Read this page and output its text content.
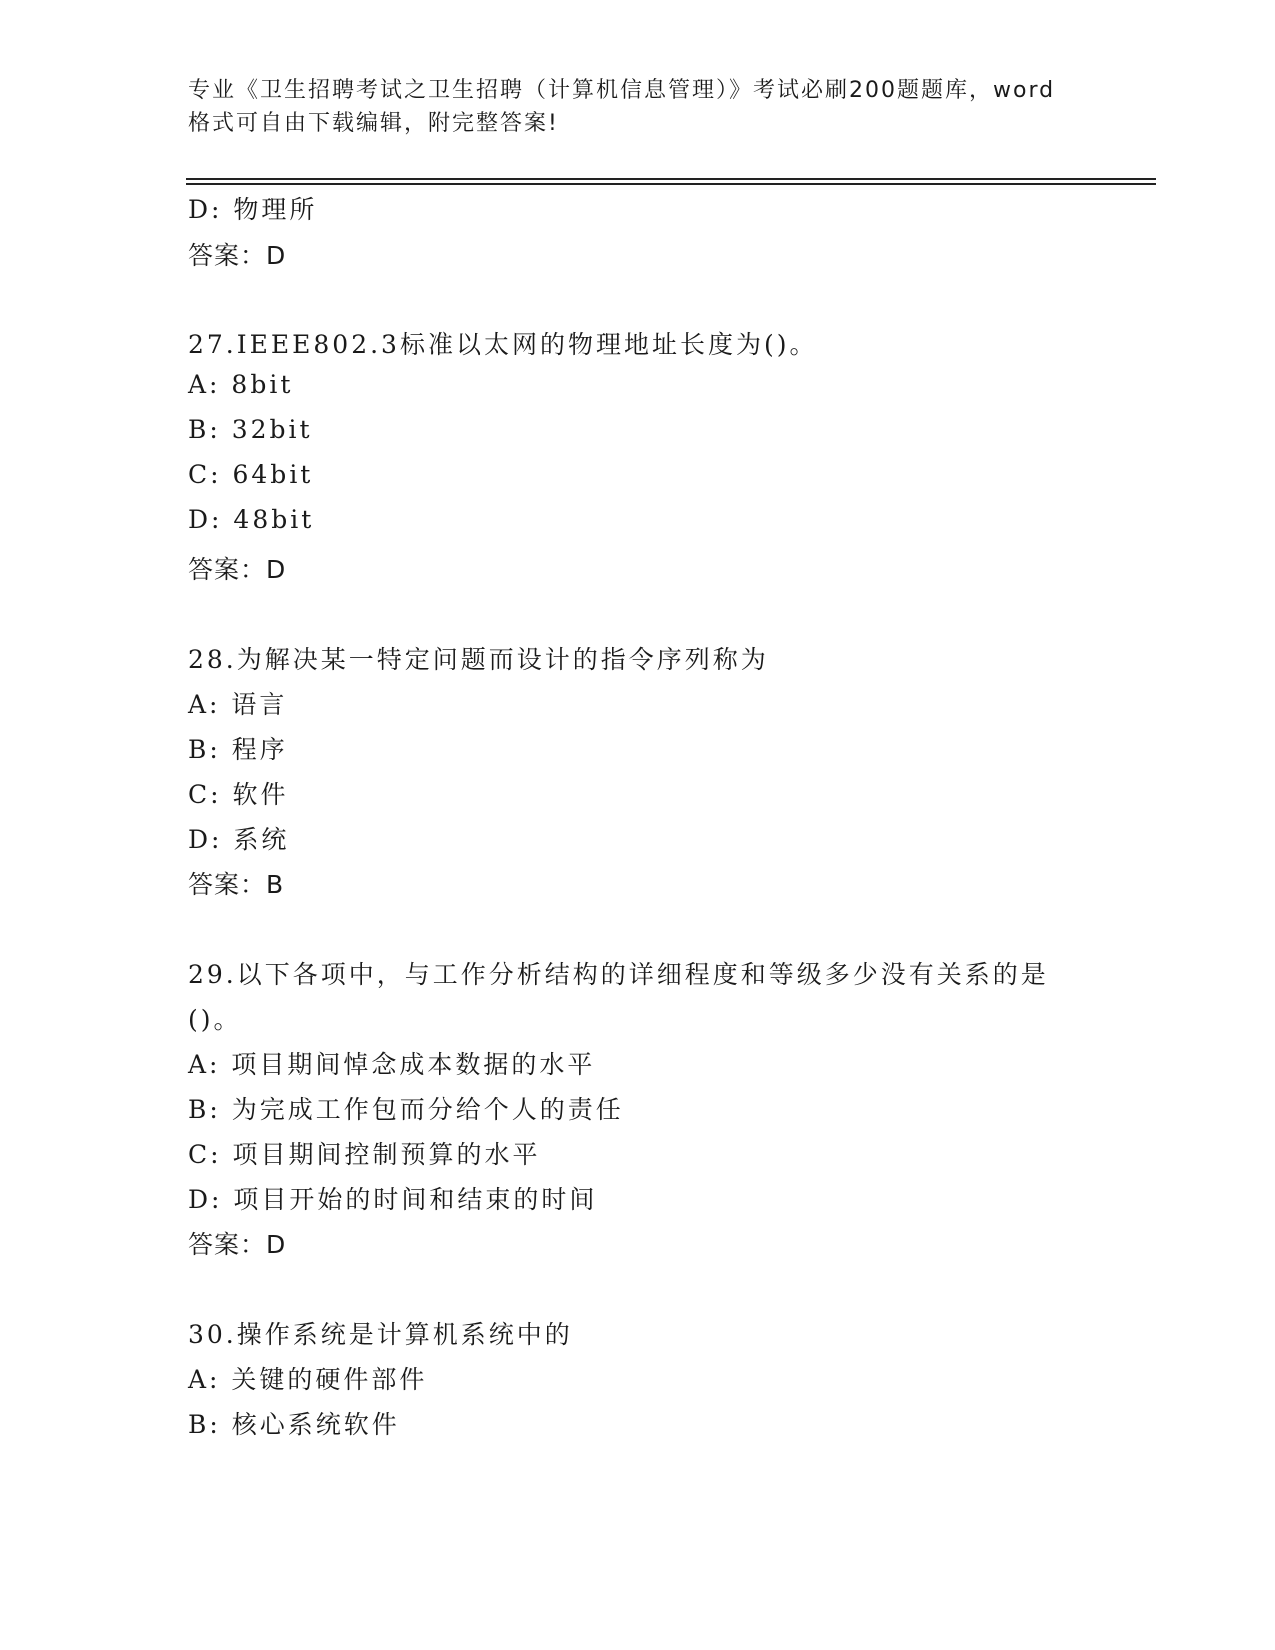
专业《卫生招聘考试之卫生招聘（计算机信息管理）》考试必刷200题题库，word
格式可自由下载编辑，附完整答案!
D: 物理所
答案：D
27.IEEE802.3标准以太网的物理地址长度为()。
A: 8bit
B: 32bit
C: 64bit
D: 48bit
答案：D
28.为解决某一特定问题而设计的指令序列称为
A: 语言
B: 程序
C: 软件
D: 系统
答案：B
29.以下各项中，与工作分析结构的详细程度和等级多少没有关系的是
()。
A: 项目期间悼念成本数据的水平
B: 为完成工作包而分给个人的责任
C: 项目期间控制预算的水平
D: 项目开始的时间和结束的时间
答案：D
30.操作系统是计算机系统中的
A: 关键的硬件部件
B: 核心系统软件
